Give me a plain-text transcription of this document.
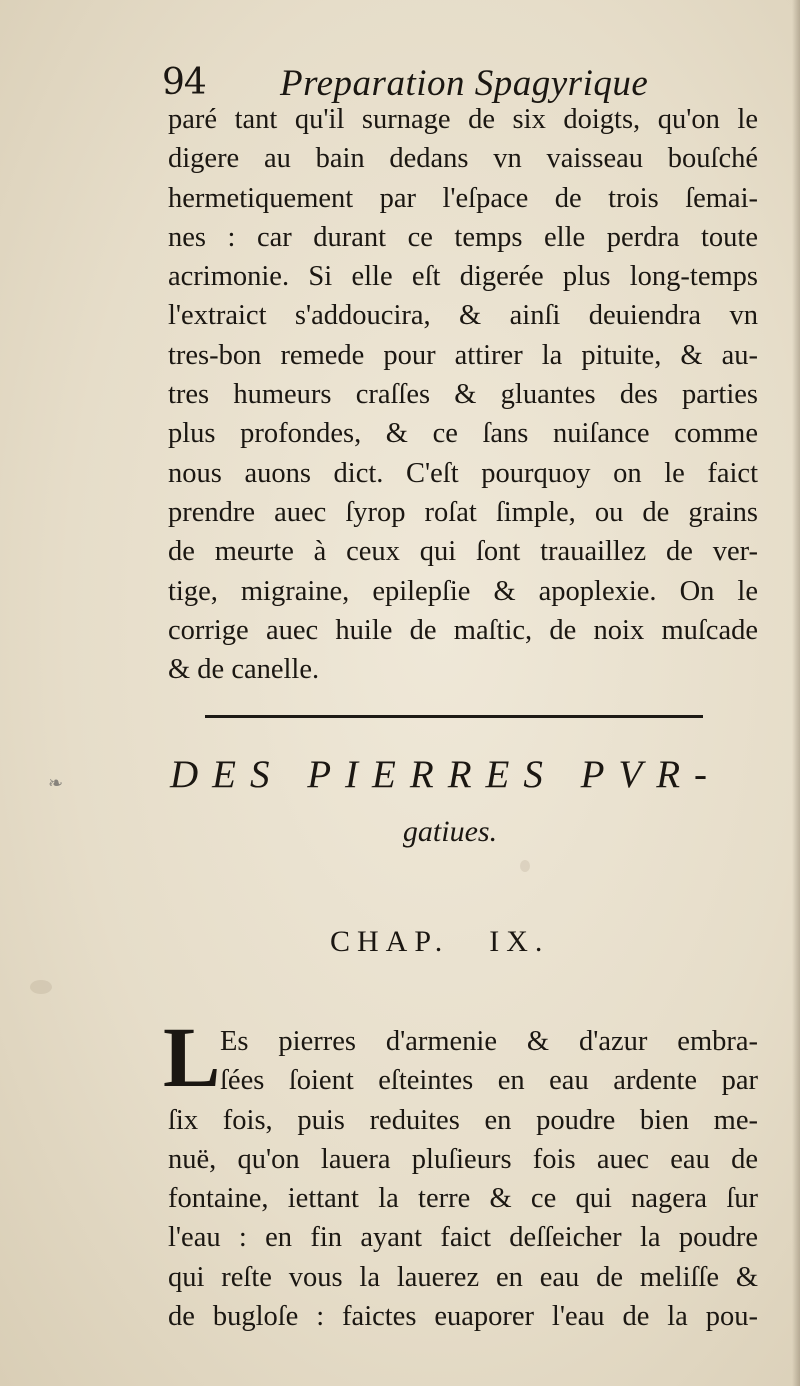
94 Preparation Spagyrique
paré tant qu'il surnage de six doigts, qu'on le
digere au bain dedans vn vaisseau bouſché
hermetiquement par l'eſpace de trois ſemai-
nes : car durant ce temps elle perdra toute
acrimonie. Si elle eſt digerée plus long-temps
l'extraict s'addoucira, & ainſi deuiendra vn
tres-bon remede pour attirer la pituite, & au-
tres humeurs craſſes & gluantes des parties
plus profondes, & ce ſans nuiſance comme
nous auons dict. C'eſt pourquoy on le faict
prendre auec ſyrop roſat ſimple, ou de grains
de meurte à ceux qui ſont trauaillez de ver-
tige, migraine, epilepſie & apoplexie. On le
corrige auec huile de maſtic, de noix muſcade
& de canelle.
❧	DES PIERRES PVR-
gatiues.
CHAP. IX.
L Es pierres d'armenie & d'azur embra-
ſées ſoient eſteintes en eau ardente par
ſix fois, puis reduites en poudre bien me-
nuë, qu'on lauera pluſieurs fois auec eau de
fontaine, iettant la terre & ce qui nagera ſur
l'eau : en fin ayant faict deſſeicher la poudre
qui reſte vous la lauerez en eau de meliſſe &
de bugloſe : faictes euaporer l'eau de la pou-
